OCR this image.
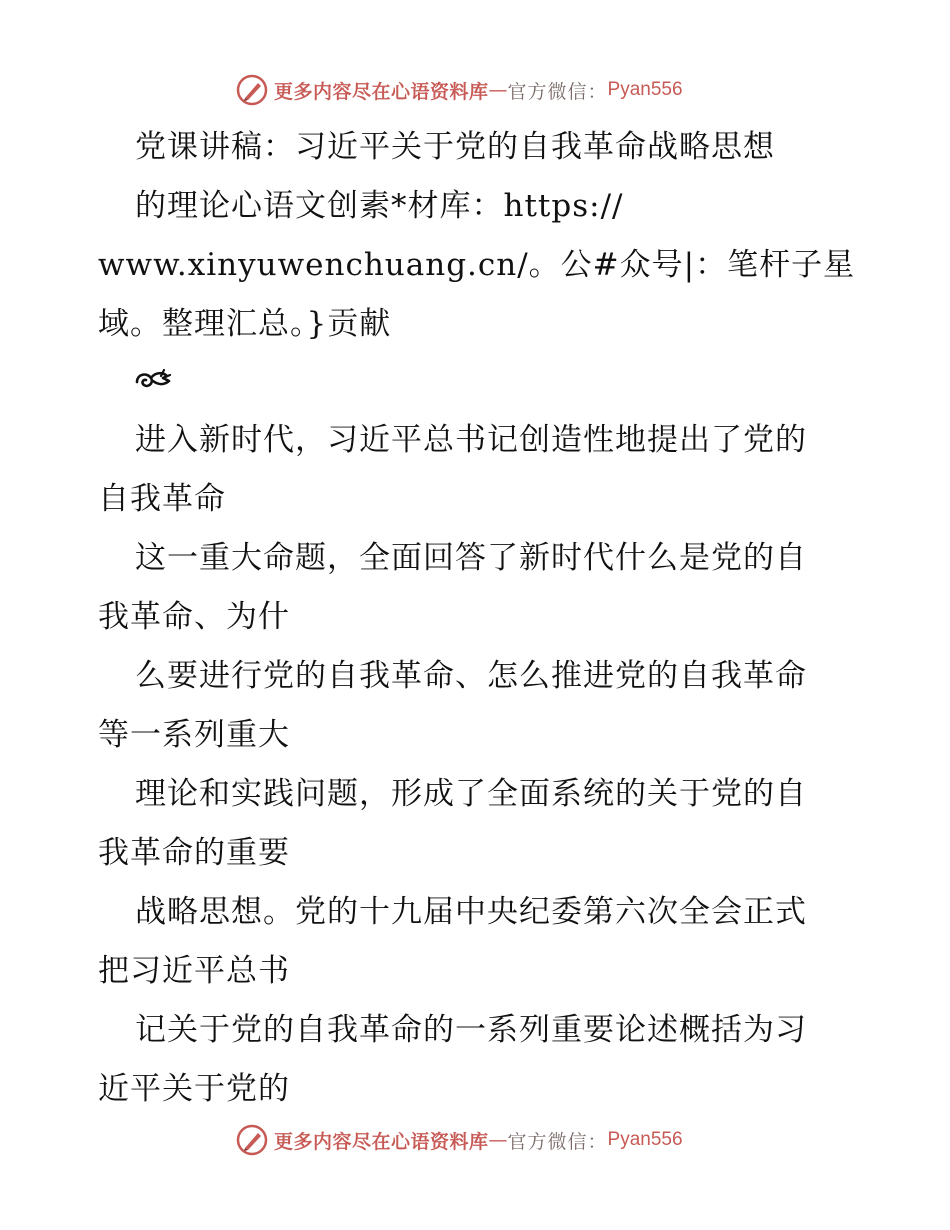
更多内容尽在心语资料库 — 官方微信： Pyan556
党课讲稿：习近平关于党的自我革命战略思想
的理论心语文创素*材库：https://
www.xinyuwenchuang.cn/。公#众号|：笔杆子星
域。整理汇总。}贡献
进入新时代，习近平总书记创造性地提出了党的
自我革命
这一重大命题，全面回答了新时代什么是党的自
我革命、为什
么要进行党的自我革命、怎么推进党的自我革命
等一系列重大
理论和实践问题，形成了全面系统的关于党的自
我革命的重要
战略思想。党的十九届中央纪委第六次全会正式
把习近平总书
记关于党的自我革命的一系列重要论述概括为习
近平关于党的
更多内容尽在心语资料库 — 官方微信： Pyan556
